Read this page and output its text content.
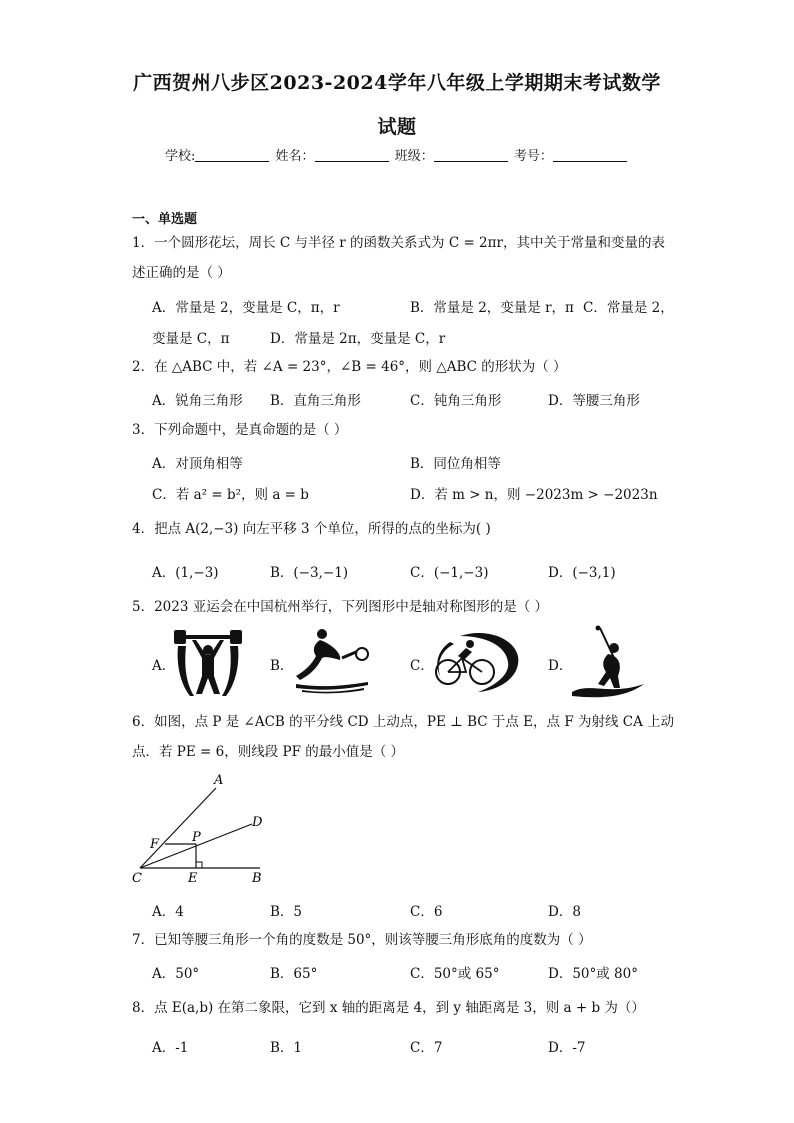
广西贺州八步区2023-2024学年八年级上学期期末考试数学
试题
学校:	姓名：	班级：	考号：
一、单选题
1．一个圆形花坛，周长 C 与半径 r 的函数关系式为 C = 2πr，其中关于常量和变量的表
述正确的是（ ）
A．常量是 2，变量是 C，π，r	B．常量是 2，变量是 r，π C．常量是 2，
变量是 C，π	D．常量是 2π，变量是 C，r
2．在 △ABC 中，若 ∠A = 23°，∠B = 46°，则 △ABC 的形状为（ ）
A．锐角三角形 B．直角三角形	C．钝角三角形	D．等腰三角形
3．下列命题中，是真命题的是（ ）
A．对顶角相等	B．同位角相等
C．若 a² = b²，则 a = b	D．若 m > n，则 −2023m > −2023n
4．把点 A(2,−3) 向左平移 3 个单位，所得的点的坐标为( )
A．(1,−3)	B．(−3,−1)	C．(−1,−3)	D．(−3,1)
5．2023 亚运会在中国杭州举行，下列图形中是轴对称图形的是（ ）
A．	B．	C．	D．
6．如图，点 P 是 ∠ACB 的平分线 CD 上动点，PE ⊥ BC 于点 E，点 F 为射线 CA 上动
点．若 PE = 6，则线段 PF 的最小值是（ ）
A
D
F	P
C	E	B
A．4	B．5	C．6	D．8
7．已知等腰三角形一个角的度数是 50°，则该等腰三角形底角的度数为（ ）
A．50°	B．65°	C．50°或 65°	D．50°或 80°
8．点 E(a,b) 在第二象限，它到 x 轴的距离是 4，到 y 轴距离是 3，则 a + b 为（）
A．-1	B．1	C．7	D．-7
